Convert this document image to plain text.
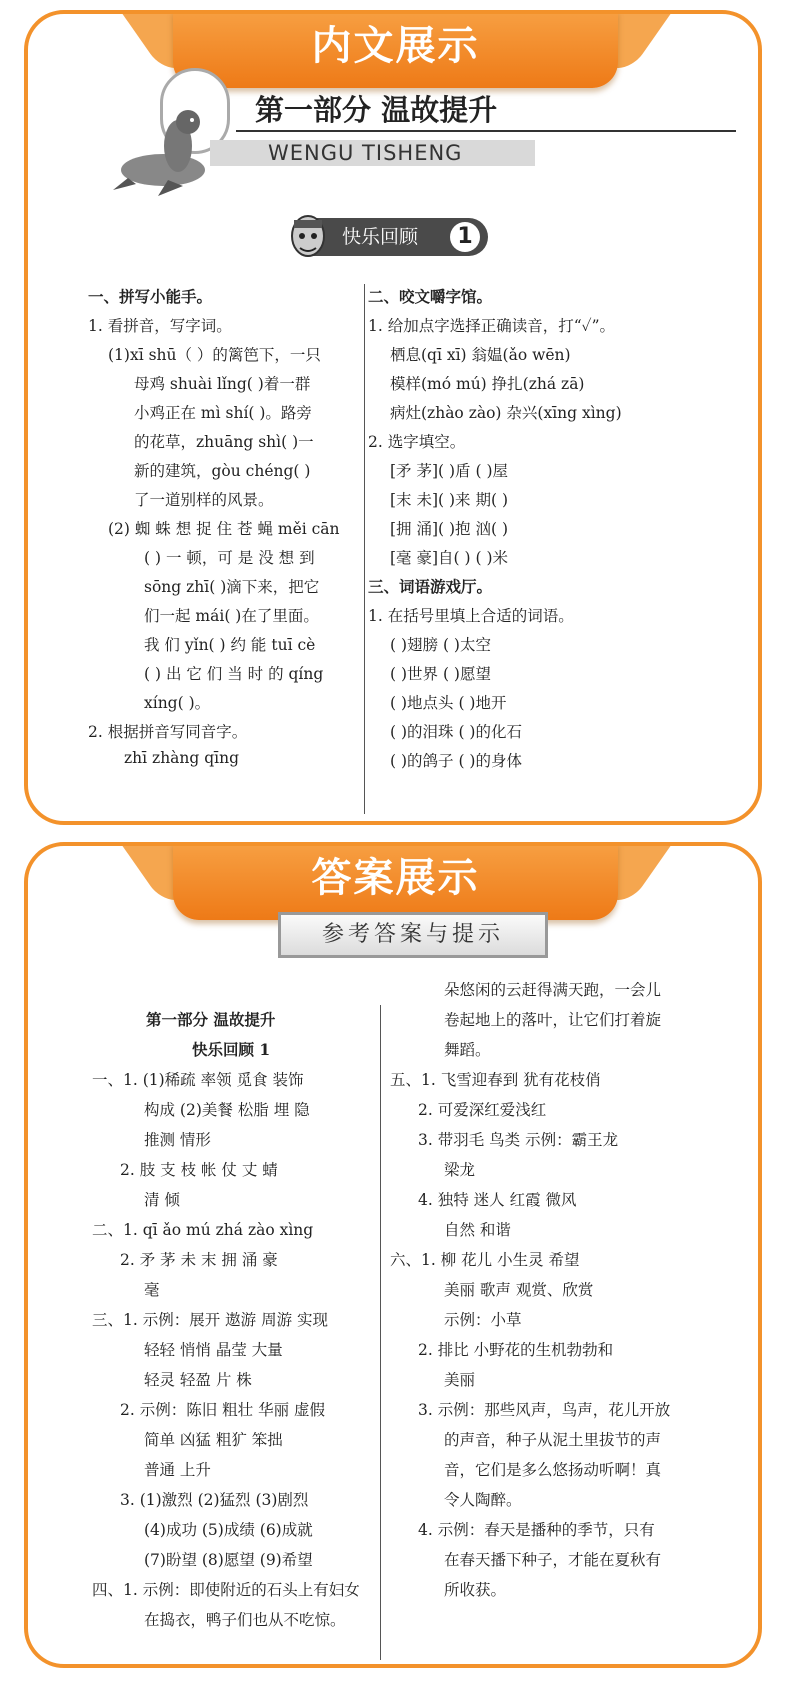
内文展示
第一部分 温故提升
WENGU TISHENG
快乐回顾	1
一、拼写小能手。
1. 看拼音，写字词。
(1)xī shū（ ）的篱笆下，一只
母鸡 shuài lǐng( )着一群
小鸡正在 mì shí( )。路旁
的花草，zhuāng shì( )一
新的建筑，gòu chéng( )
了一道别样的风景。
(2) 蜘 蛛 想 捉 住 苍 蝇 měi cān
( ) 一 顿，可 是 没 想 到
sōng zhī( )滴下来，把它
们一起 mái( )在了里面。
我 们 yǐn( ) 约 能 tuī cè
( ) 出 它 们 当 时 的 qíng
xíng( )。
2. 根据拼音写同音字。
zhī zhàng qīng
二、咬文嚼字馆。
1. 给加点字选择正确读音，打“✓”。
栖息(qī xī) 翁媪(ǎo wēn)
模样(mó mú) 挣扎(zhá zā)
病灶(zhào zào) 杂兴(xīng xìng)
2. 选字填空。
[矛 茅]( )盾 ( )屋
[末 未]( )来 期( )
[拥 涌]( )抱 汹( )
[毫 豪]自( ) ( )米
三、词语游戏厅。
1. 在括号里填上合适的词语。
( )翅膀 ( )太空
( )世界 ( )愿望
( )地点头 ( )地开
( )的泪珠 ( )的化石
( )的鸽子 ( )的身体
答案展示
参考答案与提示
第一部分 温故提升
快乐回顾 1
一、1. (1)稀疏 率领 觅食 装饰
构成 (2)美餐 松脂 埋 隐
推测 情形
2. 肢 支 枝 帐 仗 丈 蜻
清 倾
二、1. qī ǎo mú zhá zào xìng
2. 矛 茅 未 末 拥 涌 豪
毫
三、1. 示例：展开 遨游 周游 实现
轻轻 悄悄 晶莹 大量
轻灵 轻盈 片 株
2. 示例：陈旧 粗壮 华丽 虚假
简单 凶猛 粗犷 笨拙
普通 上升
3. (1)激烈 (2)猛烈 (3)剧烈
(4)成功 (5)成绩 (6)成就
(7)盼望 (8)愿望 (9)希望
四、1. 示例：即使附近的石头上有妇女
在捣衣，鸭子们也从不吃惊。
朵悠闲的云赶得满天跑，一会儿
卷起地上的落叶，让它们打着旋
舞蹈。
五、1. 飞雪迎春到 犹有花枝俏
2. 可爱深红爱浅红
3. 带羽毛 鸟类 示例：霸王龙
梁龙
4. 独特 迷人 红霞 微风
自然 和谐
六、1. 柳 花儿 小生灵 希望
美丽 歌声 观赏、欣赏
示例：小草
2. 排比 小野花的生机勃勃和
美丽
3. 示例：那些风声，鸟声，花儿开放
的声音，种子从泥土里拔节的声
音，它们是多么悠扬动听啊！真
令人陶醉。
4. 示例：春天是播种的季节，只有
在春天播下种子，才能在夏秋有
所收获。
